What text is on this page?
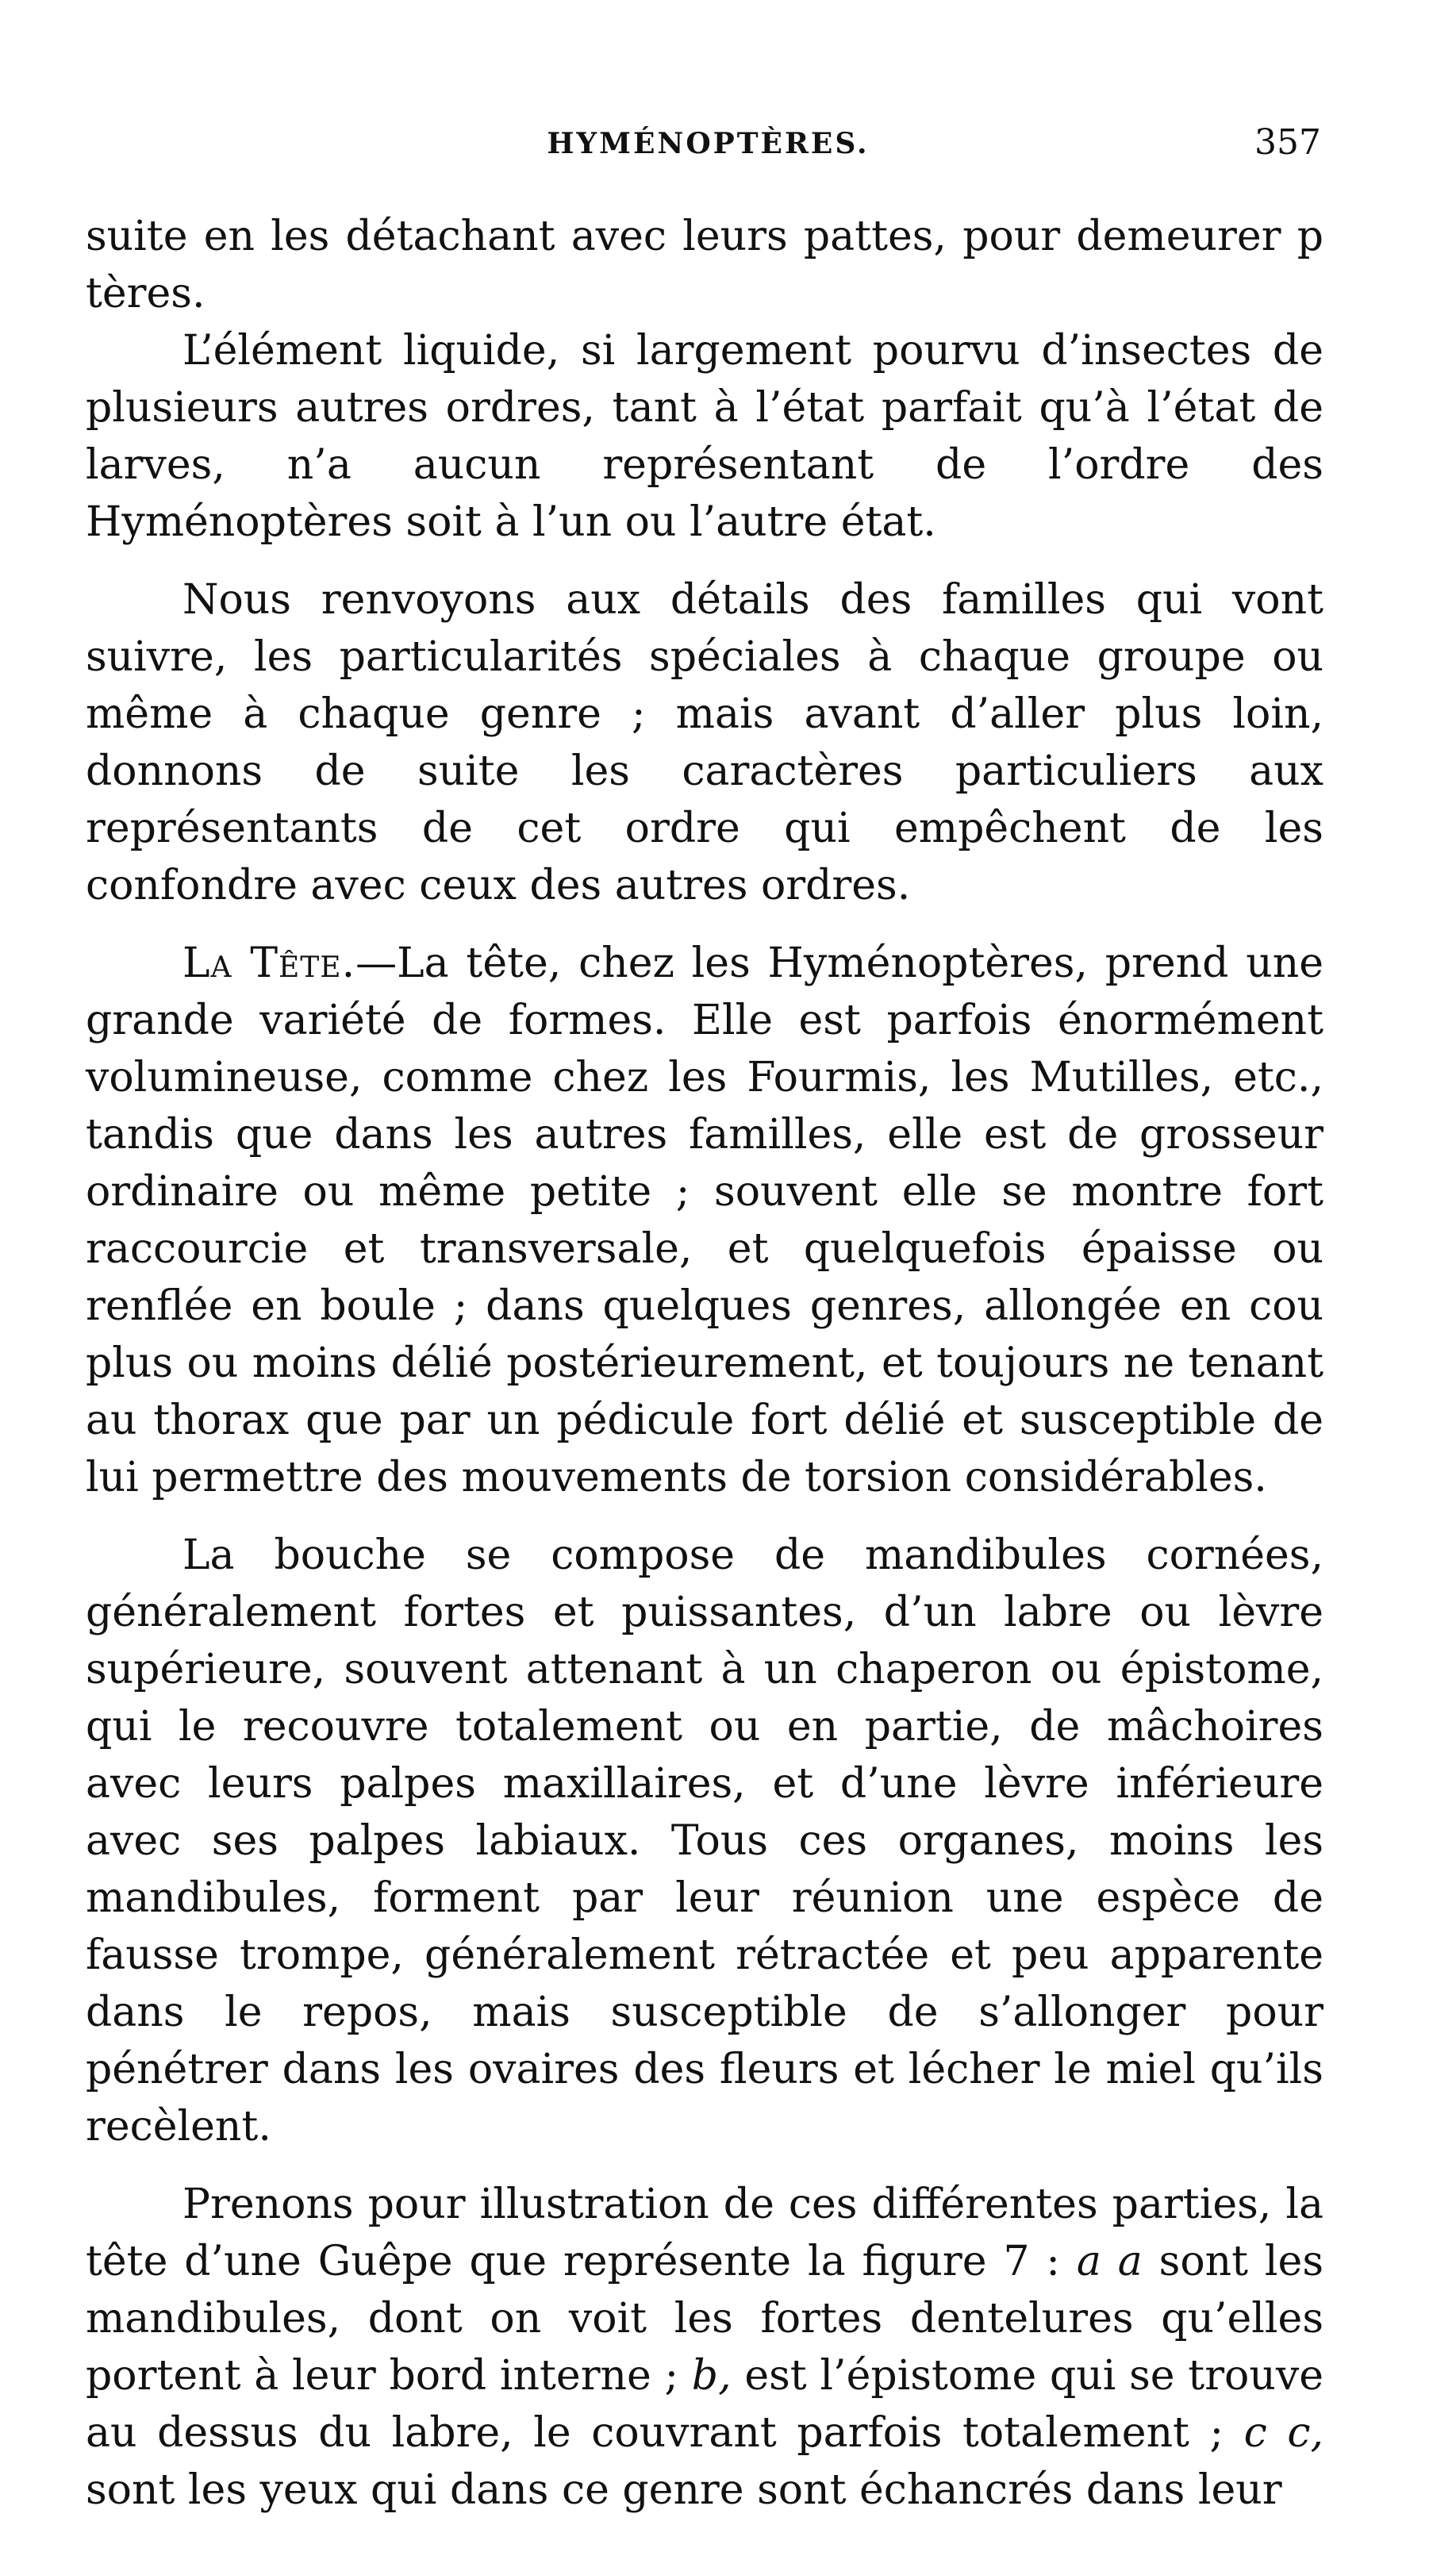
HYMÉNOPTÈRES.	357

suite en les détachant avec leurs pattes, pour demeurer p tères.

L’élément liquide, si largement pourvu d’insectes de plusieurs autres ordres, tant à l’état parfait qu’à l’état de larves, n’a aucun représentant de l’ordre des Hyménoptères soit à l’un ou l’autre état.

Nous renvoyons aux détails des familles qui vont suivre, les particularités spéciales à chaque groupe ou même à chaque genre ; mais avant d’aller plus loin, donnons de suite les caractères particuliers aux représentants de cet ordre qui empêchent de les confondre avec ceux des autres ordres.

La Tête.—La tête, chez les Hyménoptères, prend une grande variété de formes. Elle est parfois énormément volumineuse, comme chez les Fourmis, les Mutilles, etc., tandis que dans les autres familles, elle est de grosseur ordinaire ou même petite ; souvent elle se montre fort raccourcie et transversale, et quelquefois épaisse ou renflée en boule ; dans quelques genres, allongée en cou plus ou moins délié postérieurement, et toujours ne tenant au thorax que par un pédicule fort délié et susceptible de lui permettre des mouvements de torsion considérables.

La bouche se compose de mandibules cornées, généralement fortes et puissantes, d’un labre ou lèvre supérieure, souvent attenant à un chaperon ou épistome, qui le recouvre totalement ou en partie, de mâchoires avec leurs palpes maxillaires, et d’une lèvre inférieure avec ses palpes labiaux. Tous ces organes, moins les mandibules, forment par leur réunion une espèce de fausse trompe, généralement rétractée et peu apparente dans le repos, mais susceptible de s’allonger pour pénétrer dans les ovaires des fleurs et lécher le miel qu’ils recèlent.

Prenons pour illustration de ces différentes parties, la tête d’une Guêpe que représente la figure 7 : a a sont les mandibules, dont on voit les fortes dentelures qu’elles portent à leur bord interne ; b, est l’épistome qui se trouve au dessus du labre, le couvrant parfois totalement ; c c, sont les yeux qui dans ce genre sont échancrés dans leur
